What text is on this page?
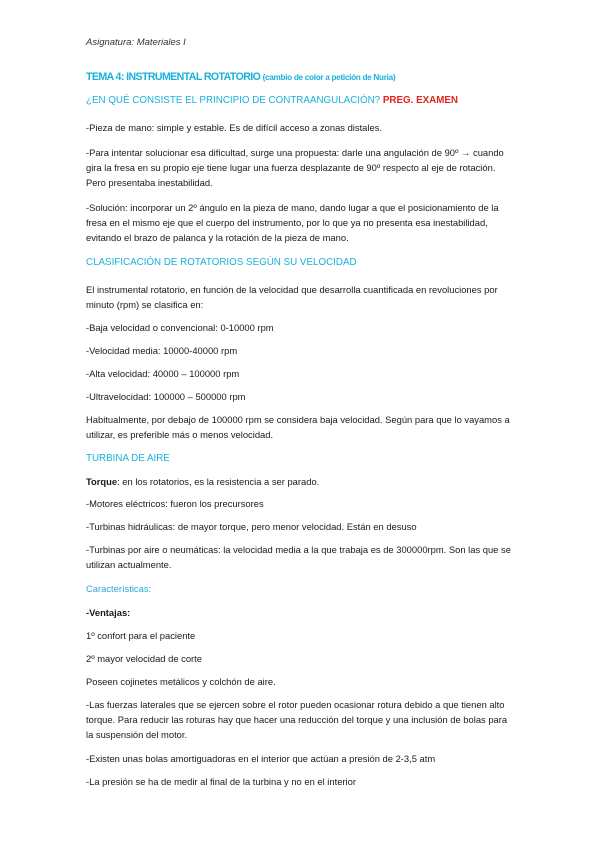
Asignatura: Materiales I

TEMA 4: INSTRUMENTAL ROTATORIO (cambio de color a petición de Nuria)

¿EN QUÉ CONSISTE EL PRINCIPIO DE CONTRAANGULACIÓN? PREG. EXAMEN

-Pieza de mano: simple y estable. Es de difícil acceso a zonas distales.

-Para intentar solucionar esa dificultad, surge una propuesta: darle una angulación de 90º → cuando gira la fresa en su propio eje tiene lugar una fuerza desplazante de 90º respecto al eje de rotación. Pero presentaba inestabilidad.

-Solución: incorporar un 2º ángulo en la pieza de mano, dando lugar a que el posicionamiento de la fresa en el mismo eje que el cuerpo del instrumento, por lo que ya no presenta esa inestabilidad, evitando el brazo de palanca y la rotación de la pieza de mano.

CLASIFICACIÓN DE ROTATORIOS SEGÚN SU VELOCIDAD

El instrumental rotatorio, en función de la velocidad que desarrolla cuantificada en revoluciones por minuto (rpm) se clasifica en:

-Baja velocidad o convencional: 0-10000 rpm

-Velocidad media: 10000-40000 rpm

-Alta velocidad: 40000 – 100000 rpm

-Ultravelocidad: 100000 – 500000 rpm

Habitualmente, por debajo de 100000 rpm se considera baja velocidad. Según para que lo vayamos a utilizar, es preferible más o menos velocidad.

TURBINA DE AIRE

Torque: en los rotatorios, es la resistencia a ser parado.

-Motores eléctricos: fueron los precursores

-Turbinas hidráulicas: de mayor torque, pero menor velocidad. Están en desuso

-Turbinas por aire o neumáticas: la velocidad media a la que trabaja es de 300000rpm. Son las que se utilizan actualmente.

Características:

-Ventajas:

1º confort para el paciente

2º mayor velocidad de corte

Poseen cojinetes metálicos y colchón de aire.

-Las fuerzas laterales que se ejercen sobre el rotor pueden ocasionar rotura debido a que tienen alto torque. Para reducir las roturas hay que hacer una reducción del torque y una inclusión de bolas para la suspensión del motor.

-Existen unas bolas amortiguadoras en el interior que actúan a presión de 2-3,5 atm

-La presión se ha de medir al final de la turbina y no en el interior
